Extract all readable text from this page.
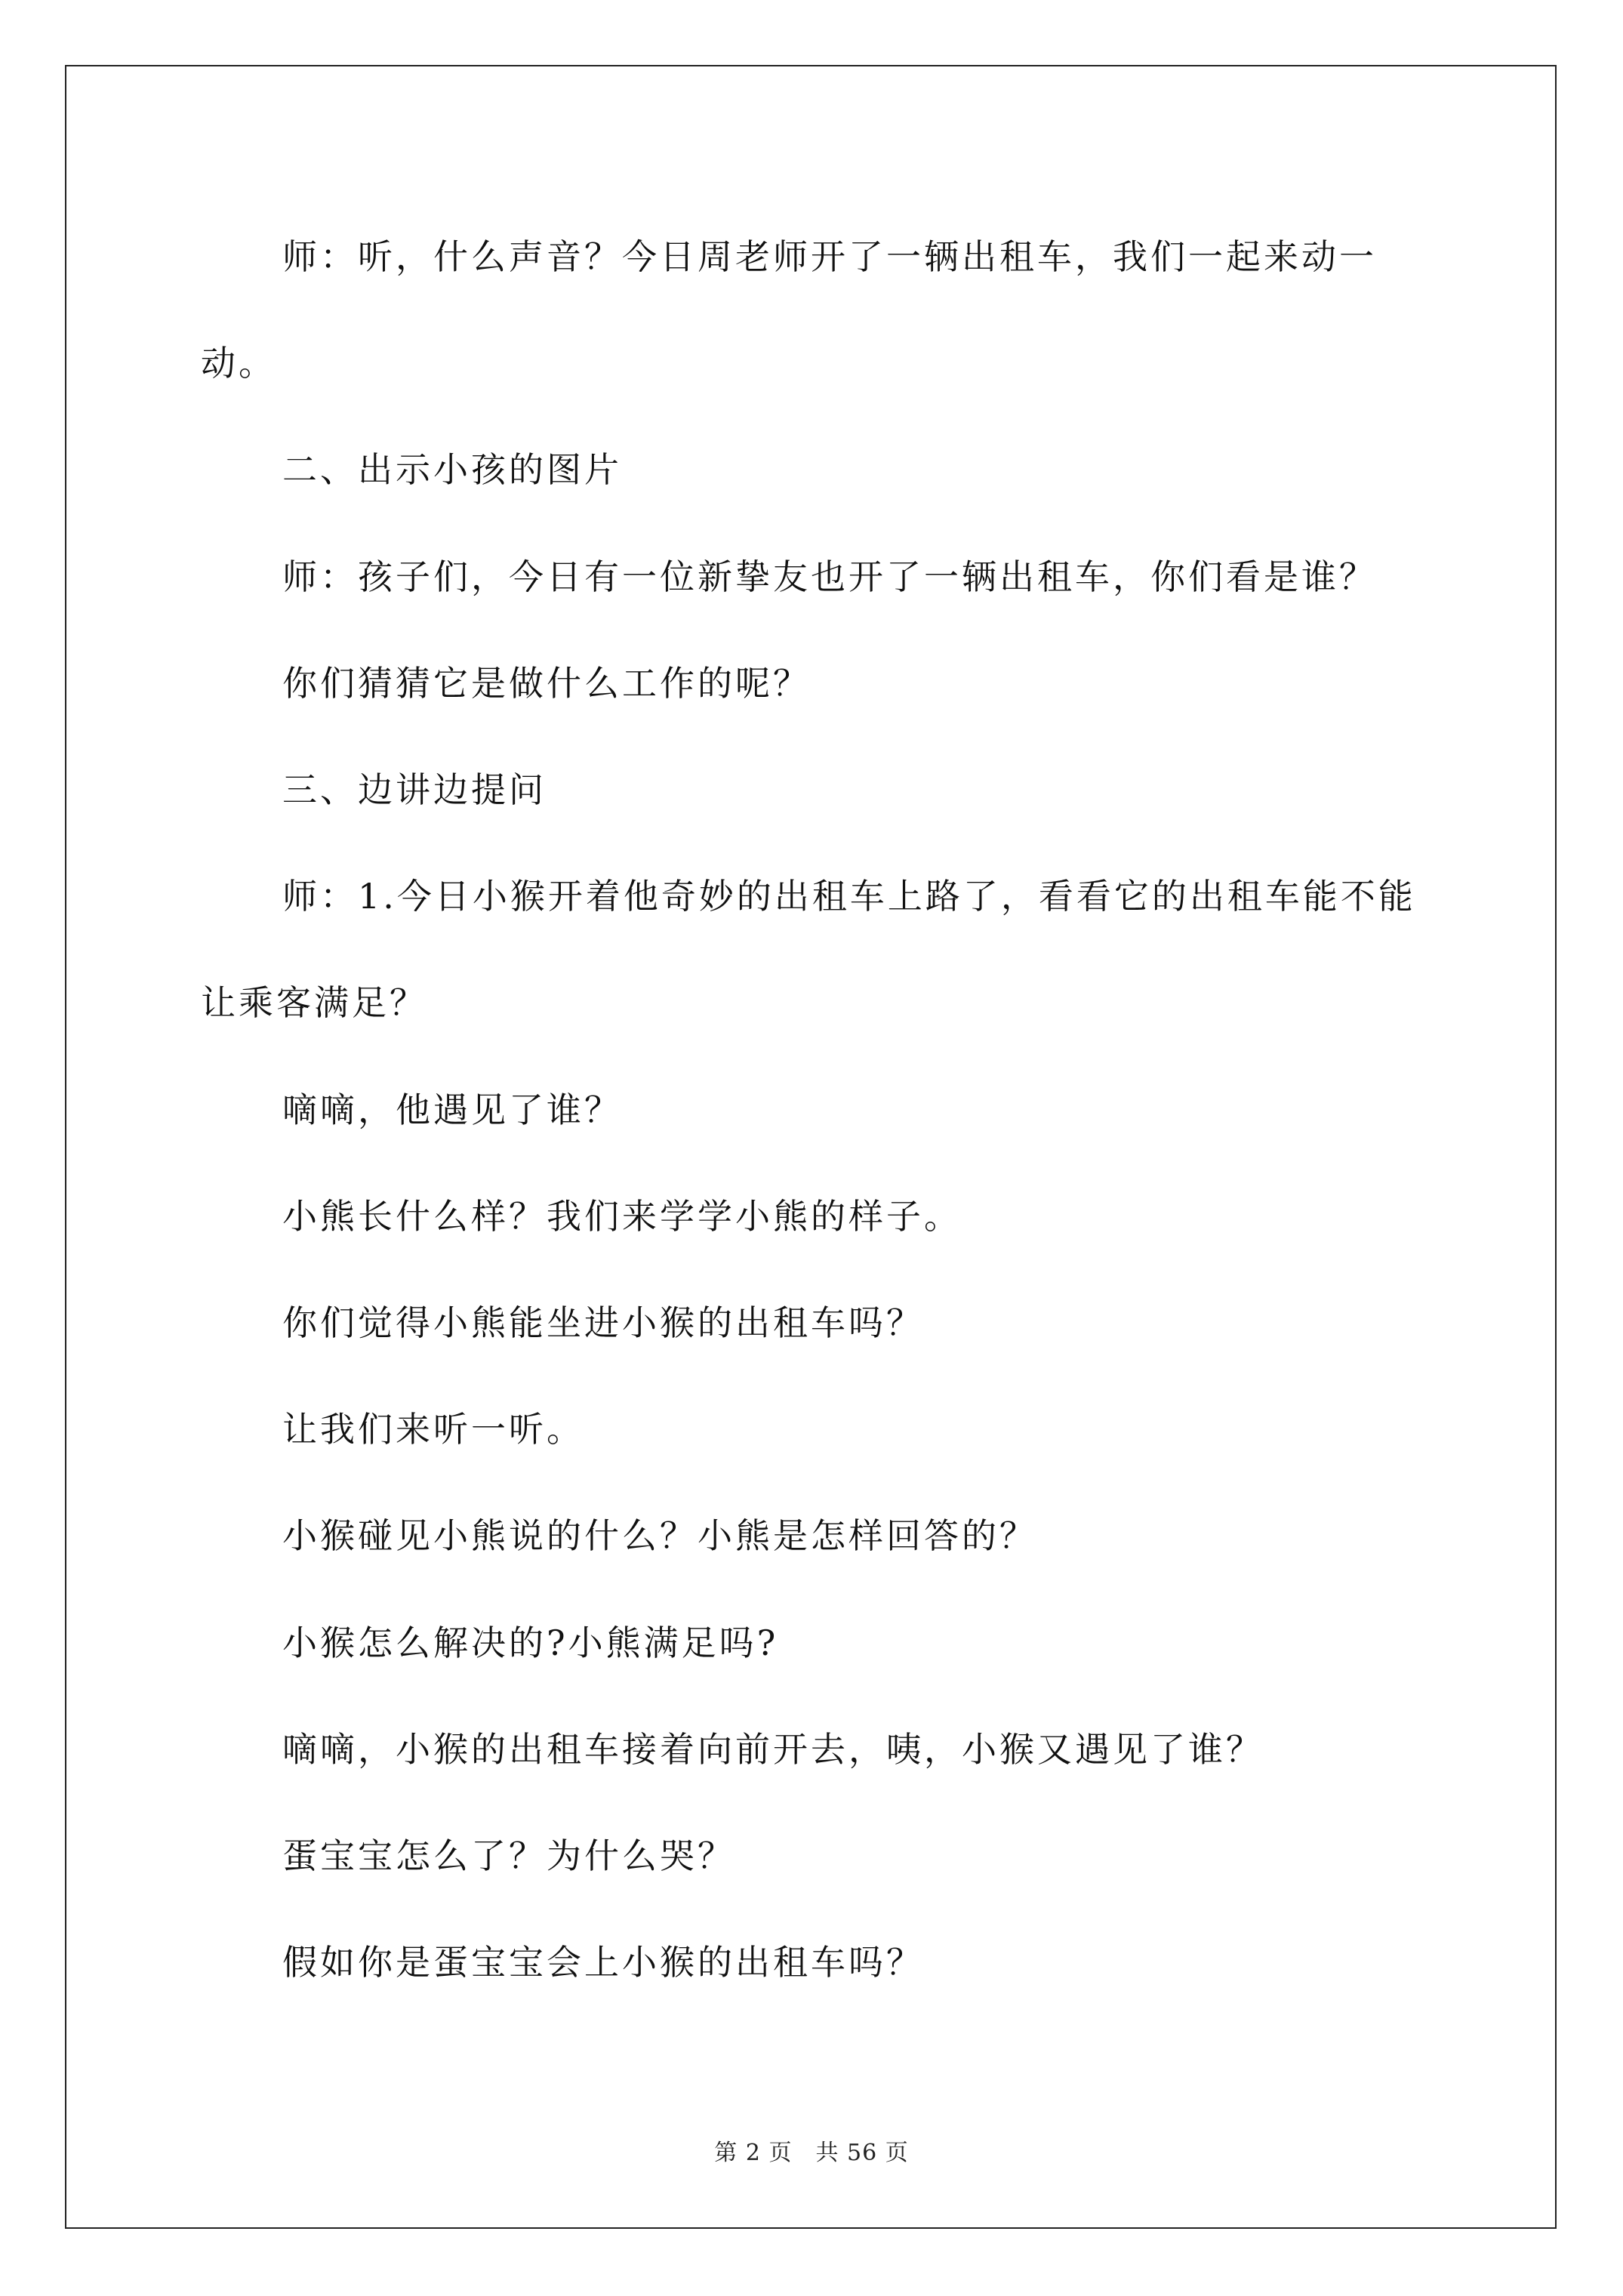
师：听，什么声音？今日周老师开了一辆出租车，我们一起来动一动。

二、出示小孩的图片

师：孩子们，今日有一位新挚友也开了一辆出租车，你们看是谁？

你们猜猜它是做什么工作的呢？

三、边讲边提问

师：1.今日小猴开着他奇妙的出租车上路了，看看它的出租车能不能让乘客满足？

嘀嘀，他遇见了谁？

小熊长什么样？我们来学学小熊的样子。

你们觉得小熊能坐进小猴的出租车吗？

让我们来听一听。

小猴碰见小熊说的什么？小熊是怎样回答的？

小猴怎么解决的?小熊满足吗?

嘀嘀，小猴的出租车接着向前开去，咦，小猴又遇见了谁？

蛋宝宝怎么了？为什么哭？

假如你是蛋宝宝会上小猴的出租车吗？

第 2 页　共 56 页
